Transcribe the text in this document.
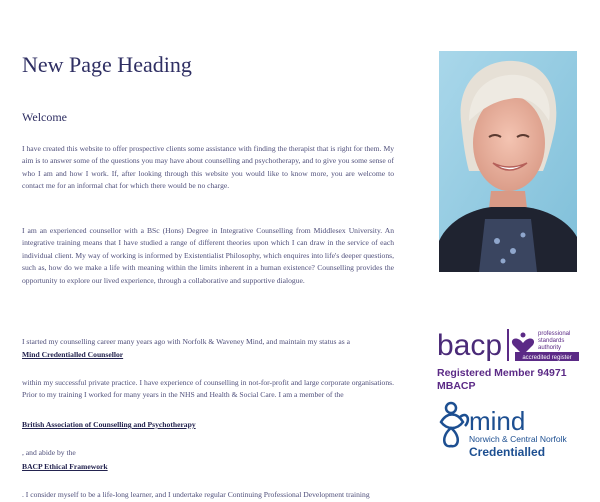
New Page Heading
Welcome

I have created this website to offer prospective clients some assistance with finding the therapist that is right for them. My aim is to answer some of the questions you may have about counselling and psychotherapy, and to give you some sense of who I am and how I work. If, after looking through this website you would like to know more, you are welcome to contact me for an informal chat for which there would be no charge.

I am an experienced counsellor with a BSc (Hons) Degree in Integrative Counselling from Middlesex University. An integrative training means that I have studied a range of different theories upon which I can draw in the service of each individual client. My way of working is informed by Existentialist Philosophy, which enquires into life's deeper questions, such as, how do we make a life with meaning within the limits inherent in a human existence? Counselling provides the opportunity to explore our lived experience, through a collaborative and supportive dialogue.

I started my counselling career many years ago with Norfolk & Waveney Mind, and maintain my status as a

Mind Credentialled Counsellor

within my successful private practice. I have experience of counselling in not-for-profit and large corporate organisations. Prior to my training I worked for many years in the NHS and Health & Social Care. I am a member of the

British Association of Counselling and Psychotherapy

, and abide by the

BACP Ethical Framework

. I consider myself to be a life-long learner, and I undertake regular Continuing Professional Development training

bacp	professional
standards
authority
accredited register
Registered Member 94971
MBACP
mind
Norwich & Central Norfolk
Credentialled
